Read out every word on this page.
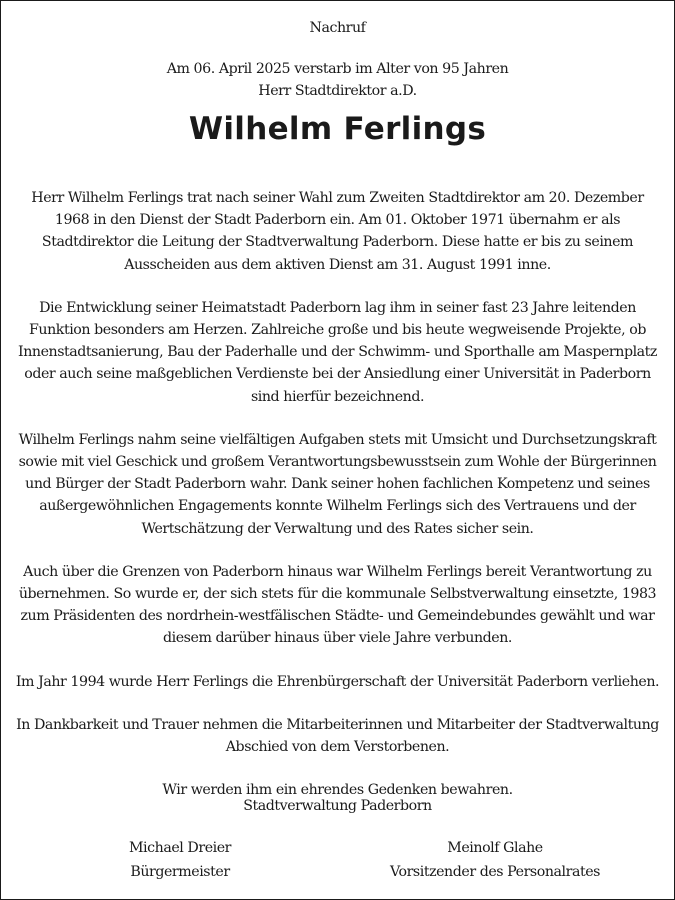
Nachruf
Am 06. April 2025 verstarb im Alter von 95 Jahren
Herr Stadtdirektor a.D.
Wilhelm Ferlings

Herr Wilhelm Ferlings trat nach seiner Wahl zum Zweiten Stadtdirektor am 20. Dezember 1968 in den Dienst der Stadt Paderborn ein. Am 01. Oktober 1971 übernahm er als Stadtdirektor die Leitung der Stadtverwaltung Paderborn. Diese hatte er bis zu seinem Ausscheiden aus dem aktiven Dienst am 31. August 1991 inne.

Die Entwicklung seiner Heimatstadt Paderborn lag ihm in seiner fast 23 Jahre leitenden Funktion besonders am Herzen. Zahlreiche große und bis heute wegweisende Projekte, ob Innenstadtsanierung, Bau der Paderhalle und der Schwimm- und Sporthalle am Maspernplatz oder auch seine maßgeblichen Verdienste bei der Ansiedlung einer Universität in Paderborn sind hierfür bezeichnend.

Wilhelm Ferlings nahm seine vielfältigen Aufgaben stets mit Umsicht und Durchsetzungskraft sowie mit viel Geschick und großem Verantwortungsbewusstsein zum Wohle der Bürgerinnen und Bürger der Stadt Paderborn wahr. Dank seiner hohen fachlichen Kompetenz und seines außergewöhnlichen Engagements konnte Wilhelm Ferlings sich des Vertrauens und der Wertschätzung der Verwaltung und des Rates sicher sein.

Auch über die Grenzen von Paderborn hinaus war Wilhelm Ferlings bereit Verantwortung zu übernehmen. So wurde er, der sich stets für die kommunale Selbstverwaltung einsetzte, 1983 zum Präsidenten des nordrhein-westfälischen Städte- und Gemeindebundes gewählt und war diesem darüber hinaus über viele Jahre verbunden.

Im Jahr 1994 wurde Herr Ferlings die Ehrenbürgerschaft der Universität Paderborn verliehen.

In Dankbarkeit und Trauer nehmen die Mitarbeiterinnen und Mitarbeiter der Stadtverwaltung Abschied von dem Verstorbenen.

Wir werden ihm ein ehrendes Gedenken bewahren.

Stadtverwaltung Paderborn
Michael Dreier
Bürgermeister
Meinolf Glahe
Vorsitzender des Personalrates
